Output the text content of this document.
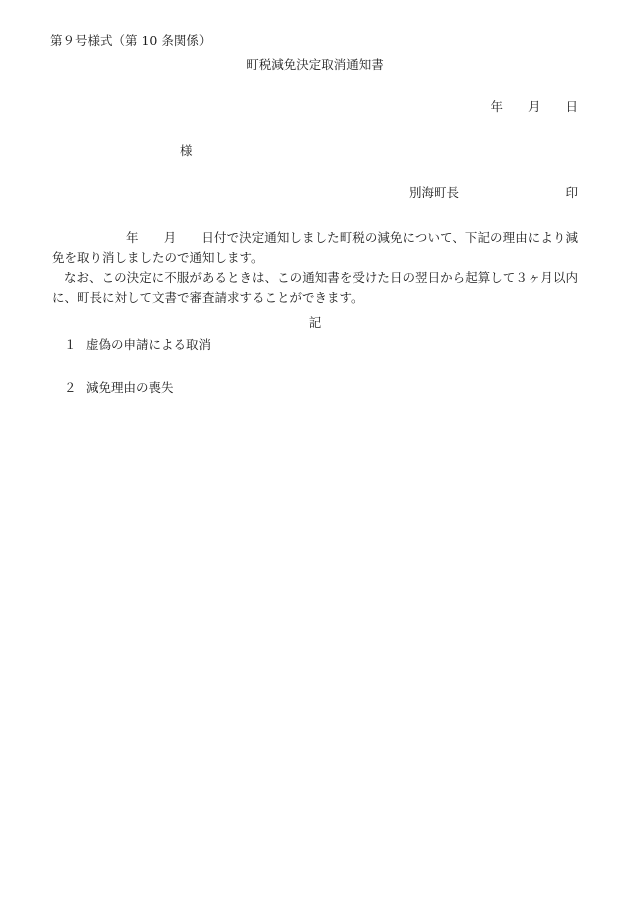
第９号様式（第 10 条関係）
町税減免決定取消通知書
年　　月　　日
様
別海町長	印
年　　月　　日付で決定通知しました町税の減免について、下記の理由により減免を取り消しましたので通知します。
なお、この決定に不服があるときは、この通知書を受けた日の翌日から起算して３ヶ月以内に、町長に対して文書で審査請求することができます。
記
１ 虚偽の申請による取消
２ 減免理由の喪失
